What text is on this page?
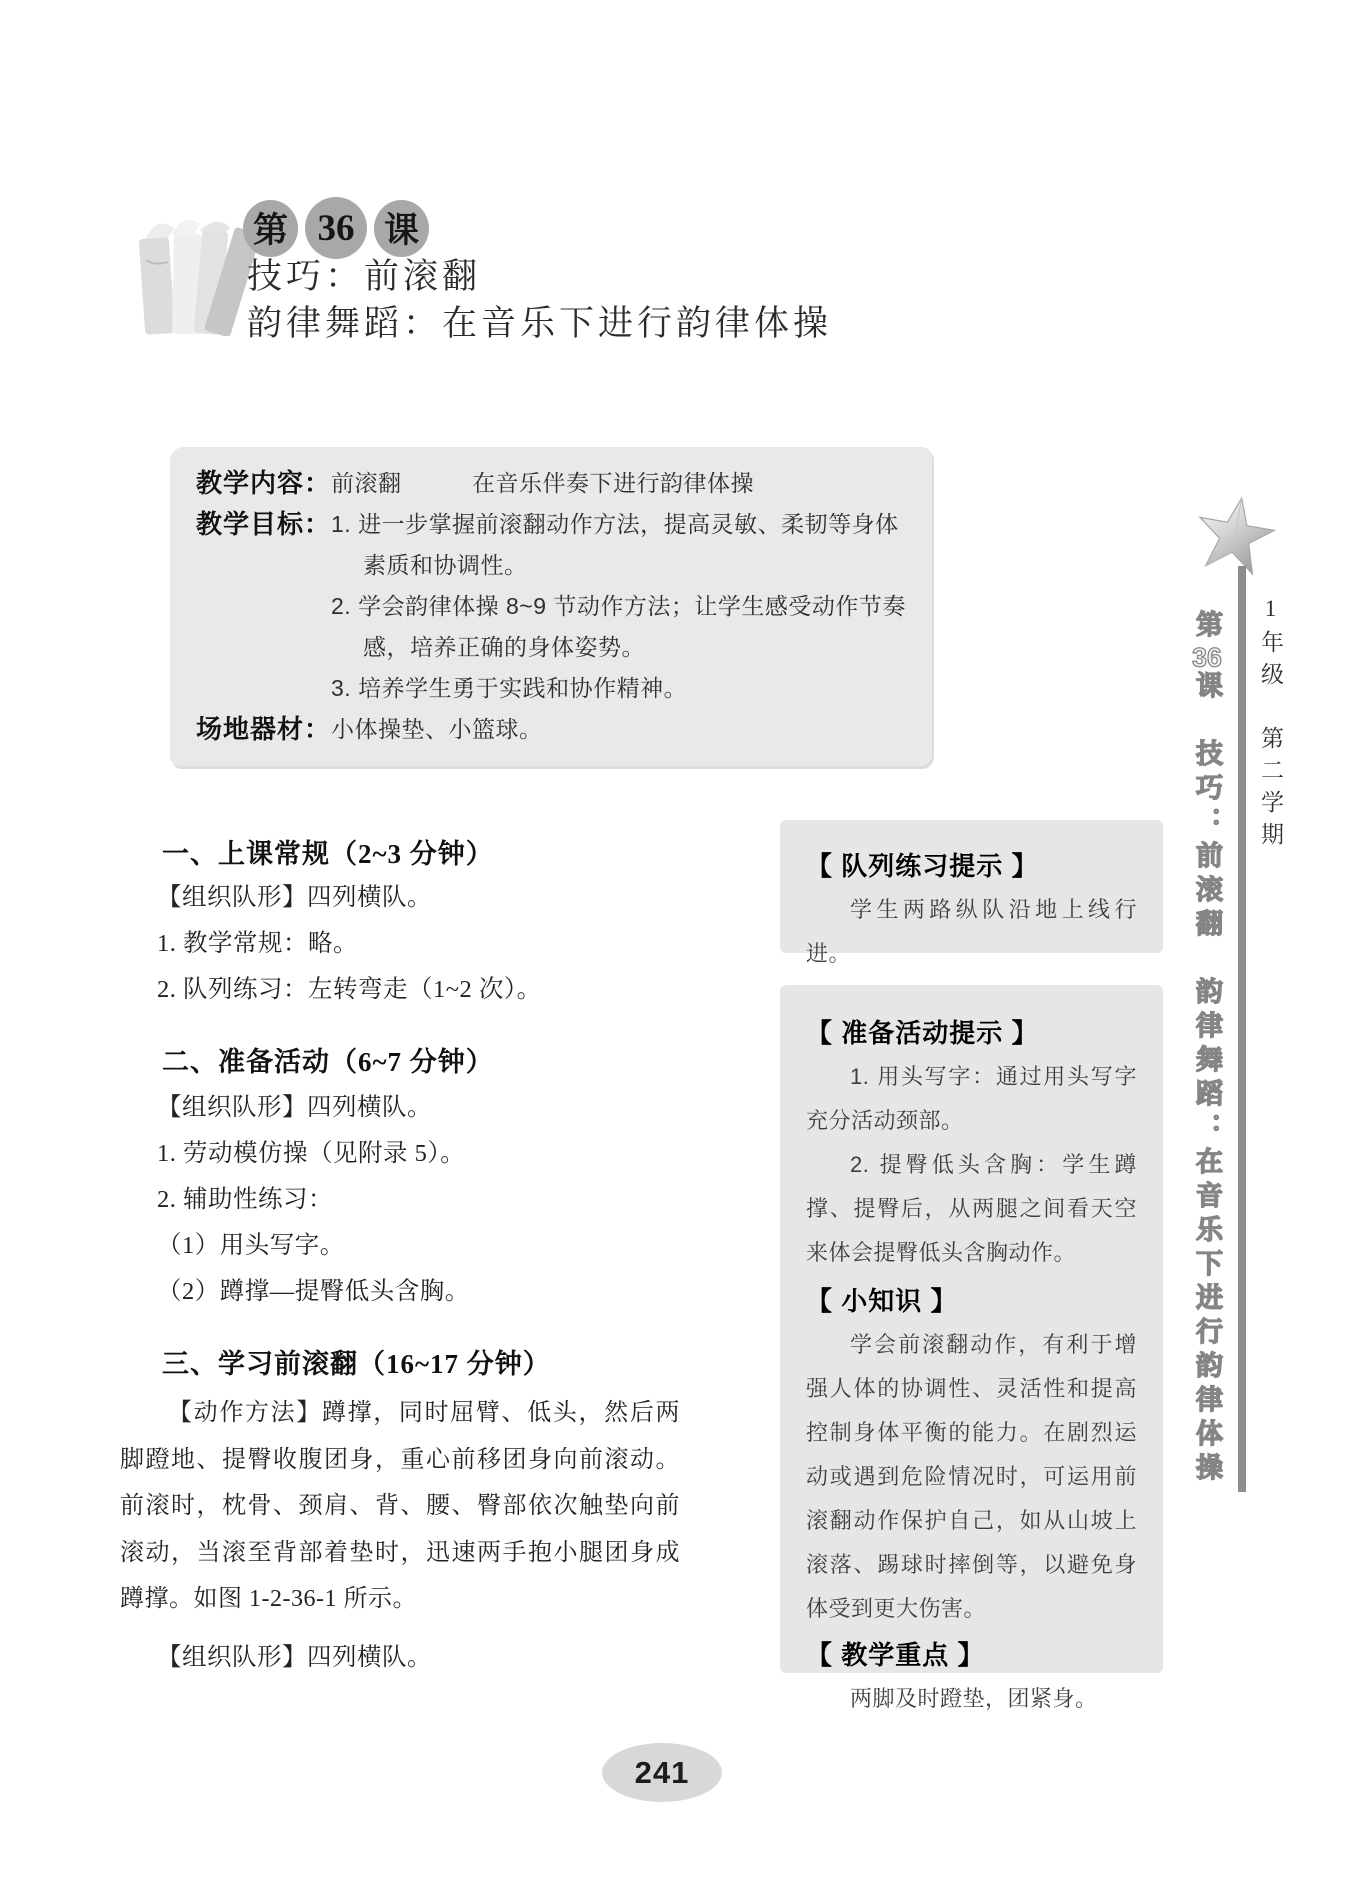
第 36 课
技巧：前滚翻
韵律舞蹈：在音乐下进行韵律体操
教学内容： 前滚翻　　　在音乐伴奏下进行韵律体操
教学目标： 1. 进一步掌握前滚翻动作方法，提高灵敏、柔韧等身体素质和协调性。
2. 学会韵律体操 8~9 节动作方法；让学生感受动作节奏感，培养正确的身体姿势。
3. 培养学生勇于实践和协作精神。
场地器材： 小体操垫、小篮球。
一、上课常规（2~3 分钟）
【组织队形】四列横队。
1. 教学常规：略。
2. 队列练习：左转弯走（1~2 次）。
二、准备活动（6~7 分钟）
【组织队形】四列横队。
1. 劳动模仿操（见附录 5）。
2. 辅助性练习：
（1）用头写字。
（2）蹲撑—提臀低头含胸。
三、学习前滚翻（16~17 分钟）

【动作方法】蹲撑，同时屈臂、低头，然后两脚蹬地、提臀收腹团身，重心前移团身向前滚动。前滚时，枕骨、颈肩、背、腰、臀部依次触垫向前滚动，当滚至背部着垫时，迅速两手抱小腿团身成蹲撑。如图 1-2-36-1 所示。

【组织队形】四列横队。
【 队列练习提示 】

学生两路纵队沿地上线行进。

【 准备活动提示 】

1. 用头写字：通过用头写字充分活动颈部。

2. 提臀低头含胸：学生蹲撑、提臀后，从两腿之间看天空来体会提臀低头含胸动作。

【 小知识 】

学会前滚翻动作，有利于增强人体的协调性、灵活性和提高控制身体平衡的能力。在剧烈运动或遇到危险情况时，可运用前滚翻动作保护自己，如从山坡上滚落、踢球时摔倒等，以避免身体受到更大伤害。

【 教学重点 】

两脚及时蹬垫，团紧身。

1年级　第二学期
第36课　技巧：前滚翻　韵律舞蹈：在音乐下进行韵律体操
241
